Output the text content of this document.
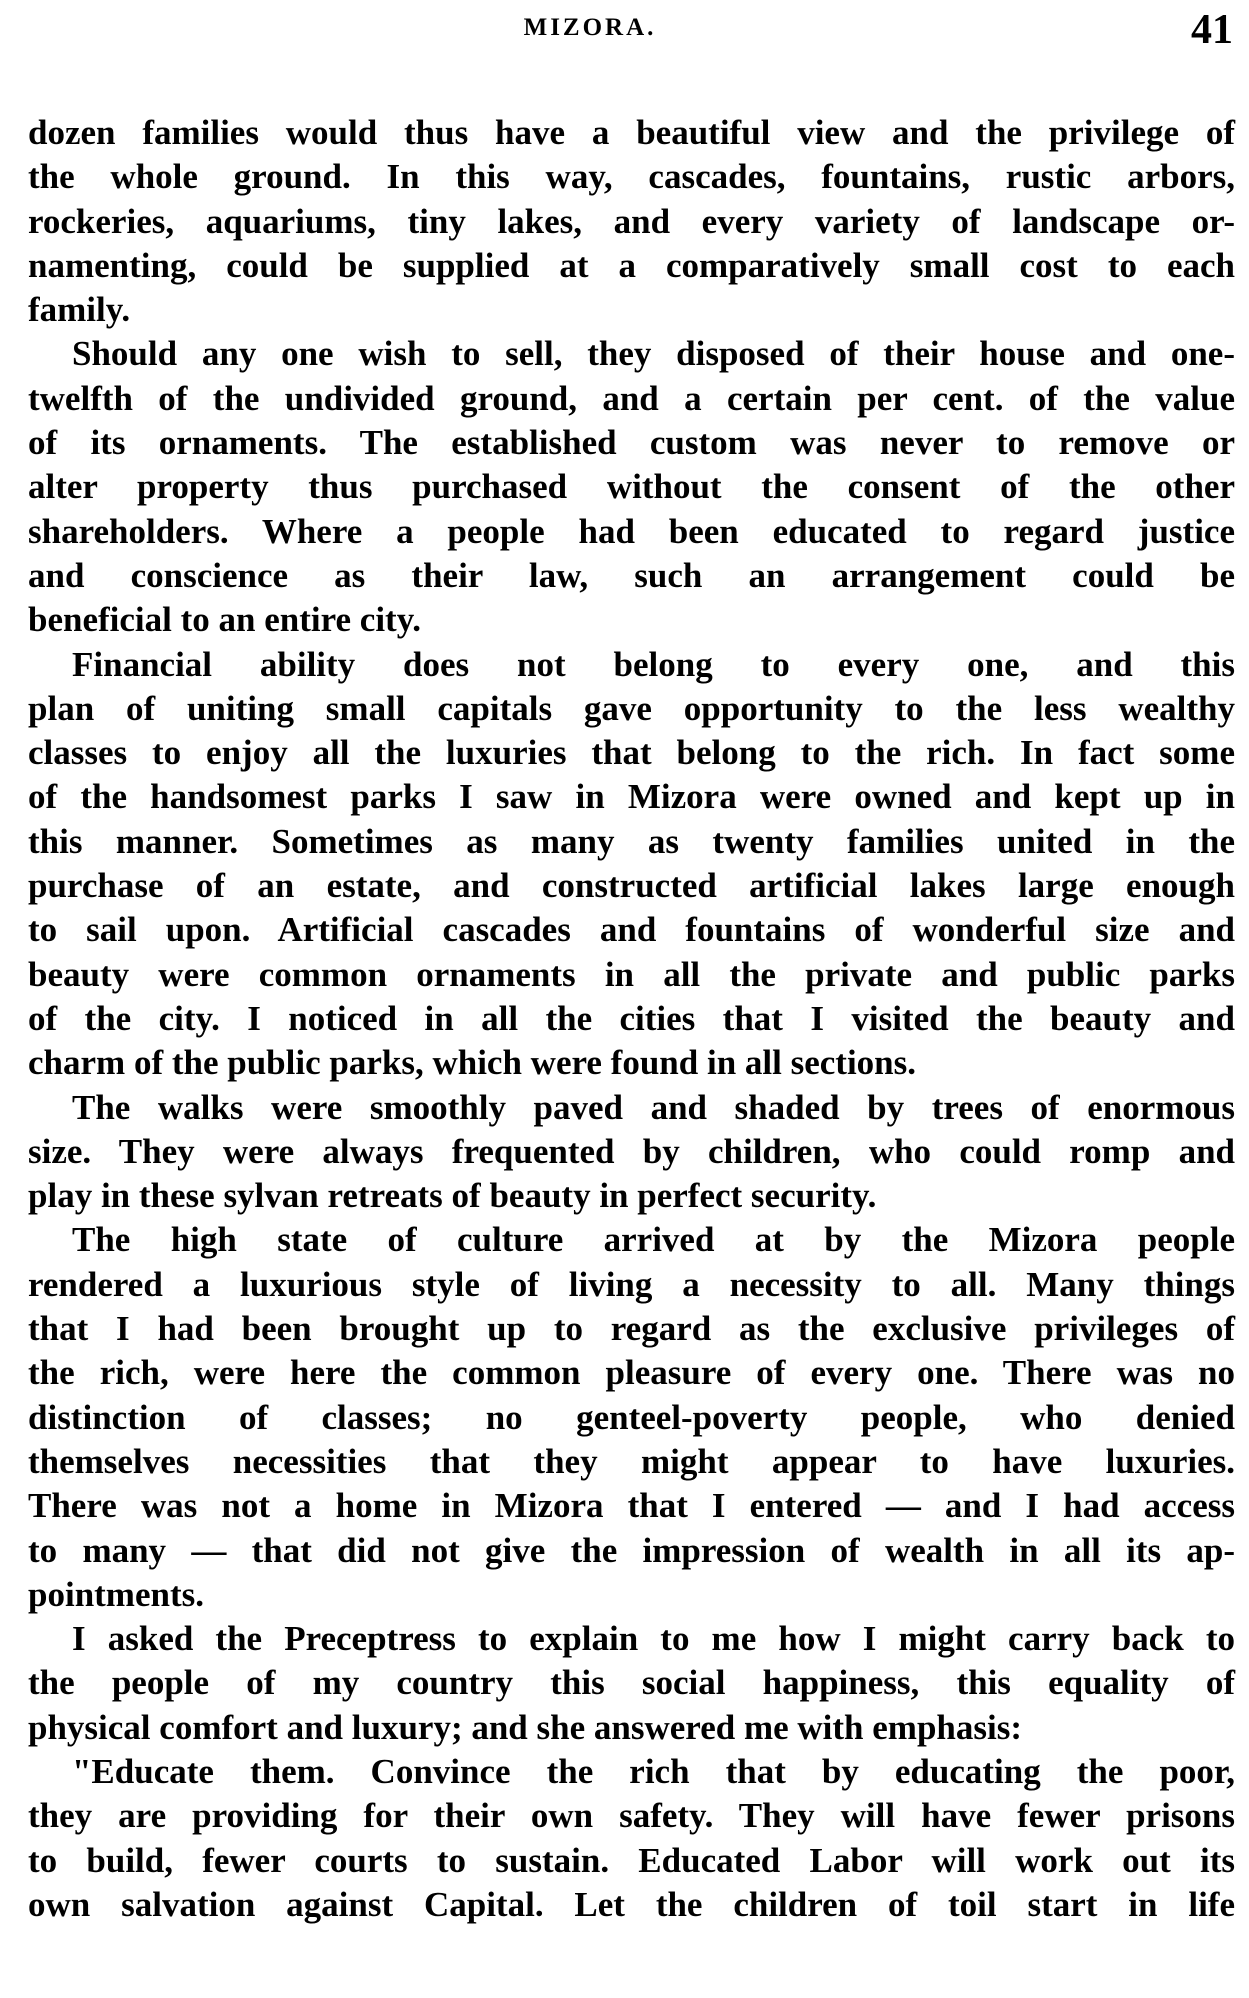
MIZORA.	41
dozen families would thus have a beautiful view and the privilege of
the whole ground. In this way, cascades, fountains, rustic arbors,
rockeries, aquariums, tiny lakes, and every variety of landscape or-
namenting, could be supplied at a comparatively small cost to each
family.
Should any one wish to sell, they disposed of their house and one-
twelfth of the undivided ground, and a certain per cent. of the value
of its ornaments. The established custom was never to remove or
alter property thus purchased without the consent of the other
shareholders. Where a people had been educated to regard justice
and conscience as their law, such an arrangement could be
beneficial to an entire city.
Financial ability does not belong to every one, and this
plan of uniting small capitals gave opportunity to the less wealthy
classes to enjoy all the luxuries that belong to the rich. In fact some
of the handsomest parks I saw in Mizora were owned and kept up in
this manner. Sometimes as many as twenty families united in the
purchase of an estate, and constructed artificial lakes large enough
to sail upon. Artificial cascades and fountains of wonderful size and
beauty were common ornaments in all the private and public parks
of the city. I noticed in all the cities that I visited the beauty and
charm of the public parks, which were found in all sections.
The walks were smoothly paved and shaded by trees of enormous
size. They were always frequented by children, who could romp and
play in these sylvan retreats of beauty in perfect security.
The high state of culture arrived at by the Mizora people
rendered a luxurious style of living a necessity to all. Many things
that I had been brought up to regard as the exclusive privileges of
the rich, were here the common pleasure of every one. There was no
distinction of classes; no genteel-poverty people, who denied
themselves necessities that they might appear to have luxuries.
There was not a home in Mizora that I entered — and I had access
to many — that did not give the impression of wealth in all its ap-
pointments.
I asked the Preceptress to explain to me how I might carry back to
the people of my country this social happiness, this equality of
physical comfort and luxury; and she answered me with emphasis:
"Educate them. Convince the rich that by educating the poor,
they are providing for their own safety. They will have fewer prisons
to build, fewer courts to sustain. Educated Labor will work out its
own salvation against Capital. Let the children of toil start in life
